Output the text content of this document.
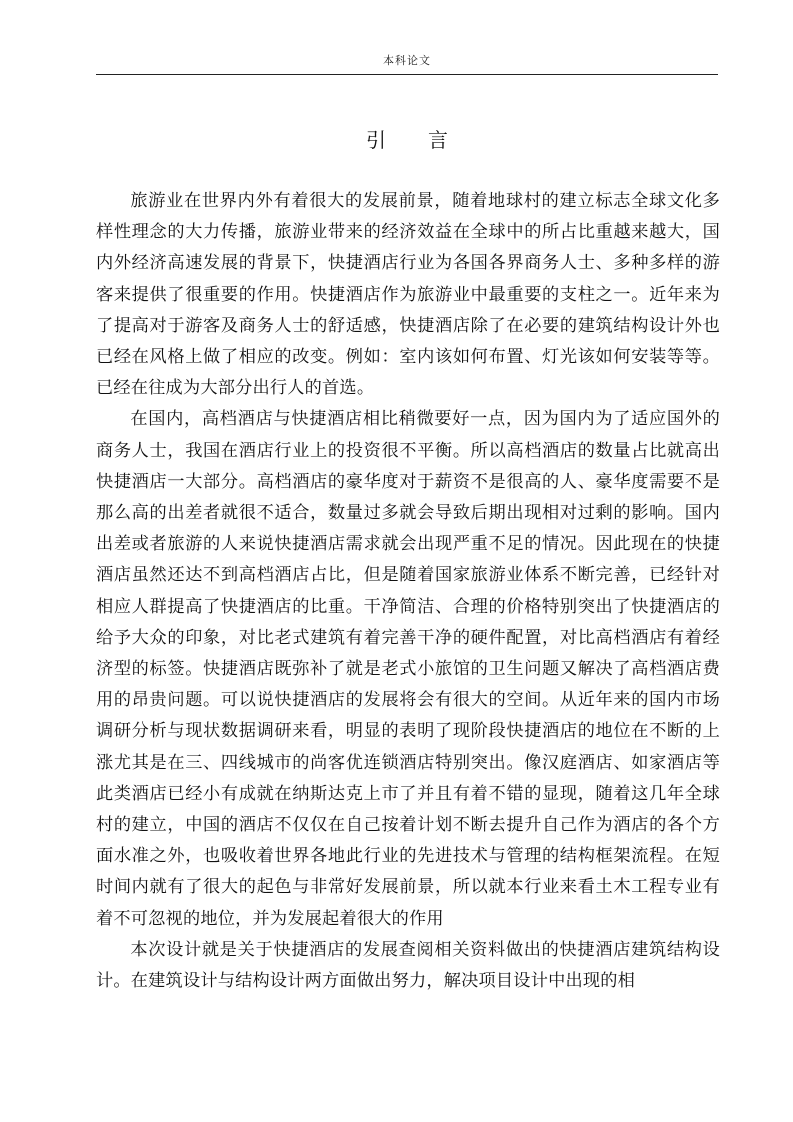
本科论文
引言

旅游业在世界内外有着很大的发展前景，随着地球村的建立标志全球文化多样性理念的大力传播，旅游业带来的经济效益在全球中的所占比重越来越大，国内外经济高速发展的背景下，快捷酒店行业为各国各界商务人士、多种多样的游客来提供了很重要的作用。快捷酒店作为旅游业中最重要的支柱之一。近年来为了提高对于游客及商务人士的舒适感，快捷酒店除了在必要的建筑结构设计外也已经在风格上做了相应的改变。例如：室内该如何布置、灯光该如何安装等等。已经在往成为大部分出行人的首选。

在国内，高档酒店与快捷酒店相比稍微要好一点，因为国内为了适应国外的商务人士，我国在酒店行业上的投资很不平衡。所以高档酒店的数量占比就高出快捷酒店一大部分。高档酒店的豪华度对于薪资不是很高的人、豪华度需要不是那么高的出差者就很不适合，数量过多就会导致后期出现相对过剩的影响。国内出差或者旅游的人来说快捷酒店需求就会出现严重不足的情况。因此现在的快捷酒店虽然还达不到高档酒店占比，但是随着国家旅游业体系不断完善，已经针对相应人群提高了快捷酒店的比重。干净简洁、合理的价格特别突出了快捷酒店的给予大众的印象，对比老式建筑有着完善干净的硬件配置，对比高档酒店有着经济型的标签。快捷酒店既弥补了就是老式小旅馆的卫生问题又解决了高档酒店费用的昂贵问题。可以说快捷酒店的发展将会有很大的空间。从近年来的国内市场调研分析与现状数据调研来看，明显的表明了现阶段快捷酒店的地位在不断的上涨尤其是在三、四线城市的尚客优连锁酒店特别突出。像汉庭酒店、如家酒店等此类酒店已经小有成就在纳斯达克上市了并且有着不错的显现，随着这几年全球村的建立，中国的酒店不仅仅在自己按着计划不断去提升自己作为酒店的各个方面水准之外，也吸收着世界各地此行业的先进技术与管理的结构框架流程。在短时间内就有了很大的起色与非常好发展前景，所以就本行业来看土木工程专业有着不可忽视的地位，并为发展起着很大的作用

本次设计就是关于快捷酒店的发展查阅相关资料做出的快捷酒店建筑结构设计。在建筑设计与结构设计两方面做出努力，解决项目设计中出现的相
